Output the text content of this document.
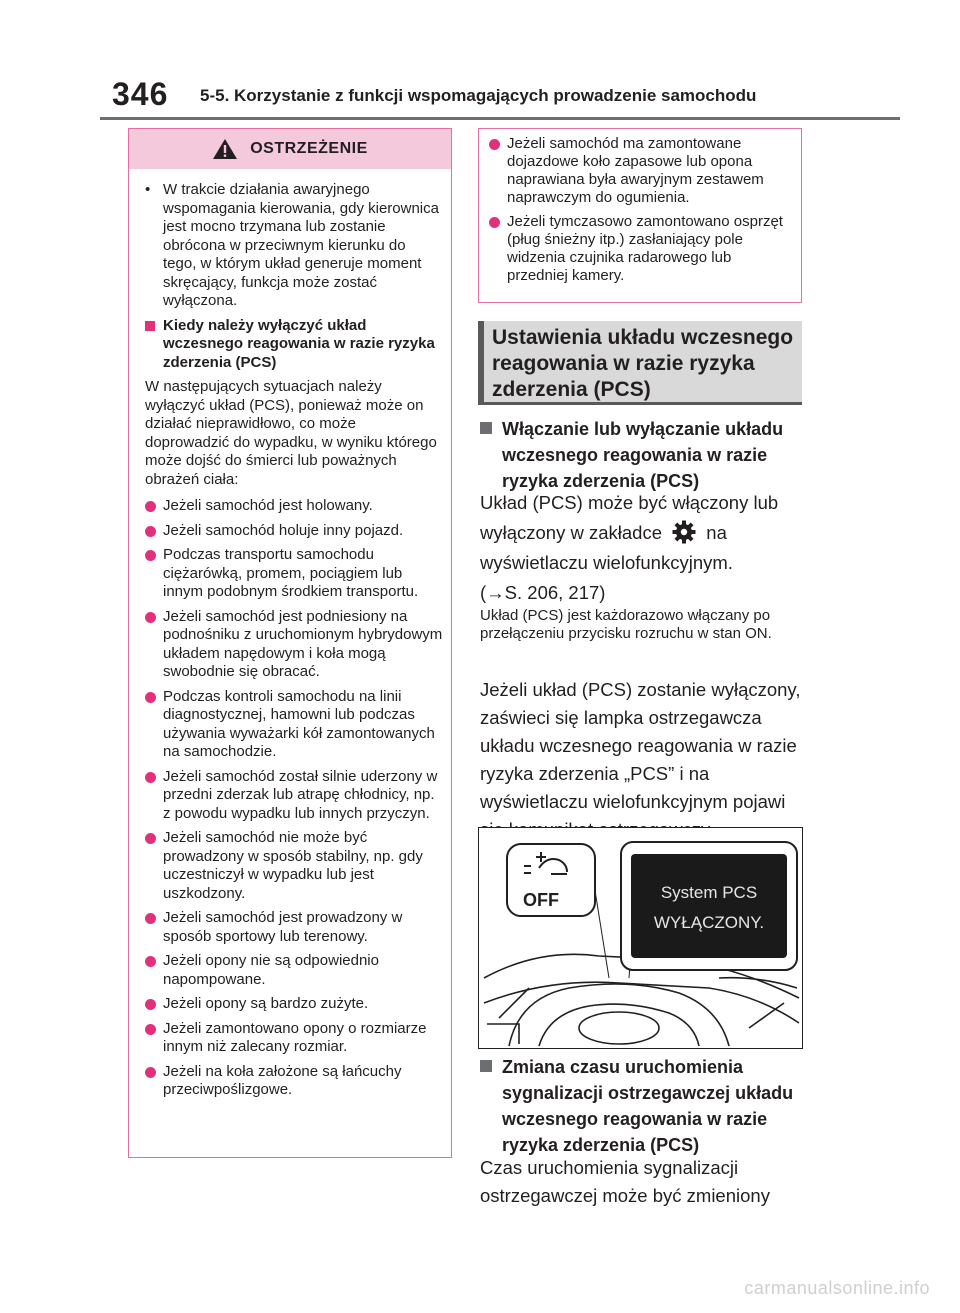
346 5-5. Korzystanie z funkcji wspomagających prowadzenie samochodu
OSTRZEŻENIE
• W trakcie działania awaryjnego wspomagania kierowania, gdy kierownica jest mocno trzymana lub zostanie obrócona w przeciwnym kierunku do tego, w którym układ generuje moment skręcający, funkcja może zostać wyłączona.
Kiedy należy wyłączyć układ wczesnego reagowania w razie ryzyka zderzenia (PCS)
W następujących sytuacjach należy wyłączyć układ (PCS), ponieważ może on działać nieprawidłowo, co może doprowadzić do wypadku, w wyniku którego może dojść do śmierci lub poważnych obrażeń ciała:
Jeżeli samochód jest holowany.
Jeżeli samochód holuje inny pojazd.
Podczas transportu samochodu ciężarówką, promem, pociągiem lub innym podobnym środkiem transportu.
Jeżeli samochód jest podniesiony na podnośniku z uruchomionym hybrydowym układem napędowym i koła mogą swobodnie się obracać.
Podczas kontroli samochodu na linii diagnostycznej, hamowni lub podczas używania wyważarki kół zamontowanych na samochodzie.
Jeżeli samochód został silnie uderzony w przedni zderzak lub atrapę chłodnicy, np. z powodu wypadku lub innych przyczyn.
Jeżeli samochód nie może być prowadzony w sposób stabilny, np. gdy uczestniczył w wypadku lub jest uszkodzony.
Jeżeli samochód jest prowadzony w sposób sportowy lub terenowy.
Jeżeli opony nie są odpowiednio napompowane.
Jeżeli opony są bardzo zużyte.
Jeżeli zamontowano opony o rozmiarze innym niż zalecany rozmiar.
Jeżeli na koła założone są łańcuchy przeciwpoślizgowe.
Jeżeli samochód ma zamontowane dojazdowe koło zapasowe lub opona naprawiana była awaryjnym zestawem naprawczym do ogumienia.
Jeżeli tymczasowo zamontowano osprzęt (pług śnieżny itp.) zasłaniający pole widzenia czujnika radarowego lub przedniej kamery.
Ustawienia układu wczesnego reagowania w razie ryzyka zderzenia (PCS)
Włączanie lub wyłączanie układu wczesnego reagowania w razie ryzyka zderzenia (PCS)
Układ (PCS) może być włączony lub wyłączony w zakładce na wyświetlaczu wielofunkcyjnym.
(→S. 206, 217)
Układ (PCS) jest każdorazowo włączany po przełączeniu przycisku rozruchu w stan ON.
Jeżeli układ (PCS) zostanie wyłączony, zaświeci się lampka ostrzegawcza układu wczesnego reagowania w razie ryzyka zderzenia „PCS” i na wyświetlaczu wielofunkcyjnym pojawi
OFF	System PCS
WYŁĄCZONY.
Zmiana czasu uruchomienia sygnalizacji ostrzegawczej układu wczesnego reagowania w razie ryzyka zderzenia (PCS)
Czas uruchomienia sygnalizacji ostrzegawczej może być zmieniony
carmanualsonline.info
